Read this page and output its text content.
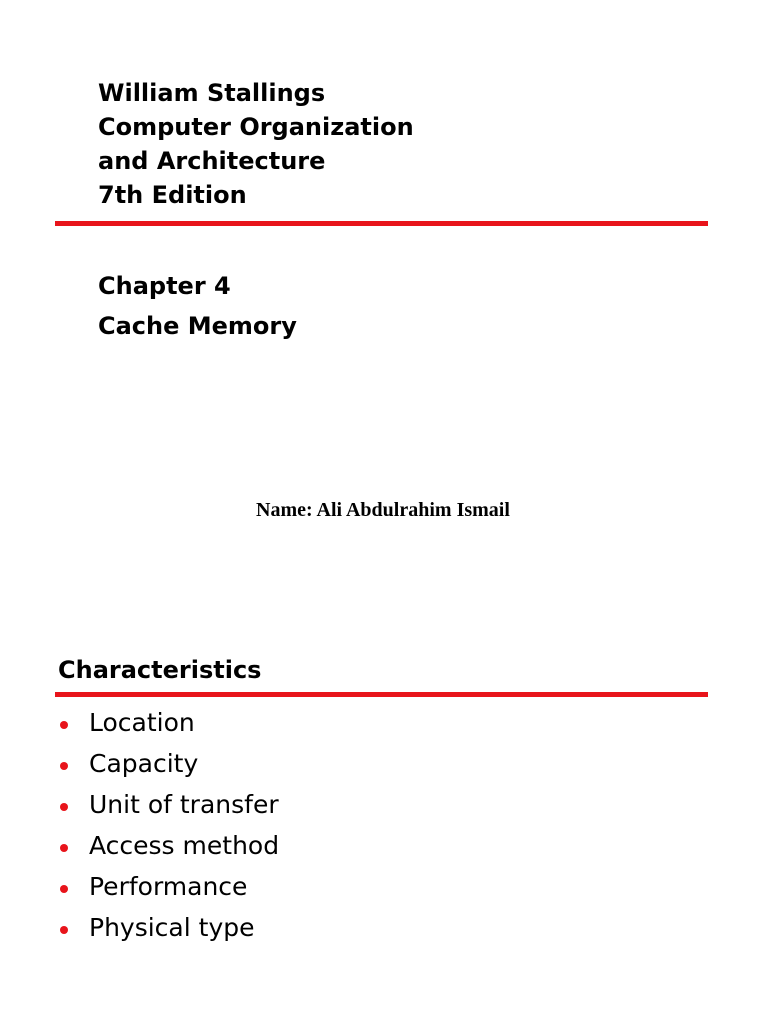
William Stallings
Computer Organization
and Architecture
7th Edition
Chapter 4
Cache Memory
Name: Ali Abdulrahim Ismail
Characteristics
Location
Capacity
Unit of transfer
Access method
Performance
Physical type
